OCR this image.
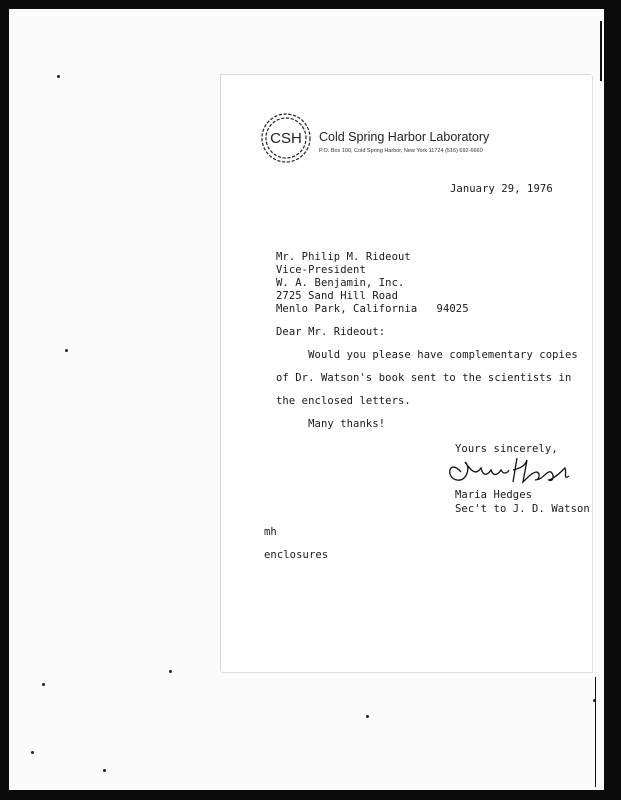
CSH Cold Spring Harbor Laboratory
P.O. Box 100, Cold Spring Harbor, New York 11724 (516) 692-6660
January 29, 1976
Mr. Philip M. Rideout
Vice-President
W. A. Benjamin, Inc.
2725 Sand Hill Road
Menlo Park, California   94025
Dear Mr. Rideout:
Would you please have complementary copies
of Dr. Watson's book sent to the scientists in
the enclosed letters.
Many thanks!
Yours sincerely,
Maria Hedges
Maria Hedges
Sec't to J. D. Watson
mh
enclosures
